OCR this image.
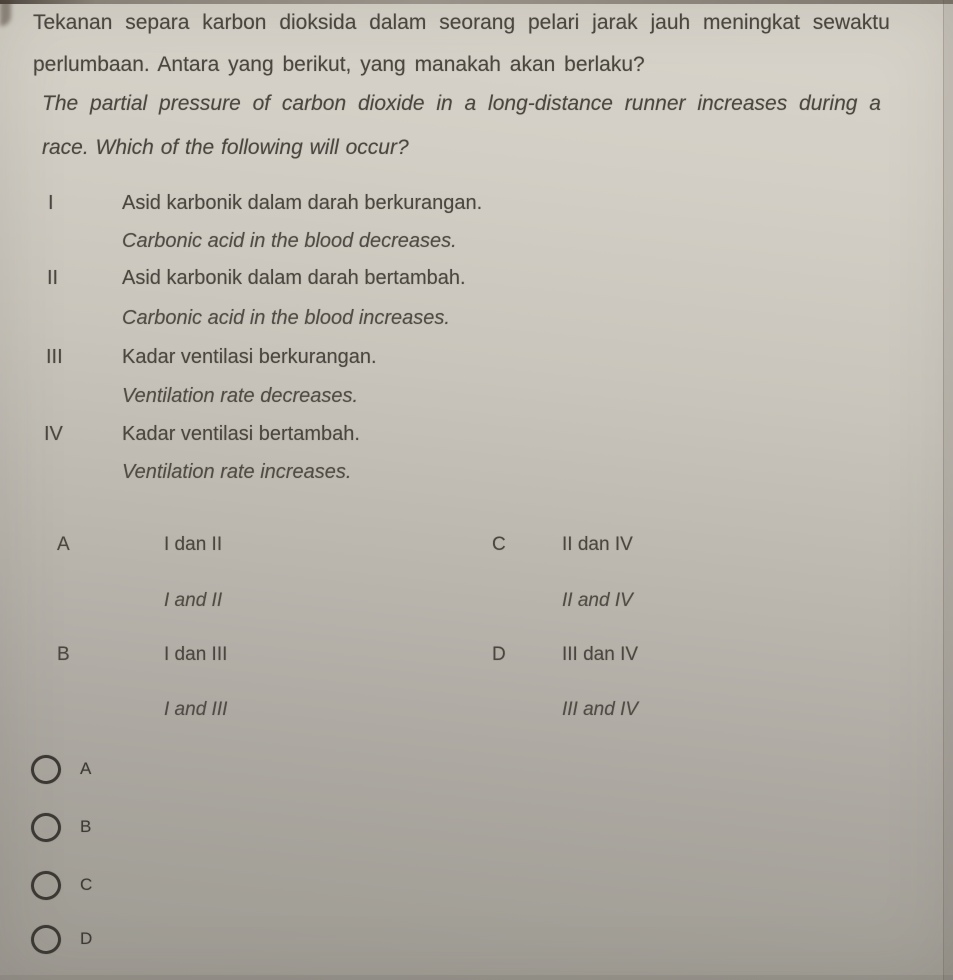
Tekanan separa karbon dioksida dalam seorang pelari jarak jauh meningkat sewaktu
perlumbaan. Antara yang berikut, yang manakah akan berlaku?
The partial pressure of carbon dioxide in a long-distance runner increases during a
race. Which of the following will occur?
I	Asid karbonik dalam darah berkurangan.
Carbonic acid in the blood decreases.
II	Asid karbonik dalam darah bertambah.
Carbonic acid in the blood increases.
III	Kadar ventilasi berkurangan.
Ventilation rate decreases.
IV	Kadar ventilasi bertambah.
Ventilation rate increases.
A	I dan II
I and II
C	II dan IV
II and IV
B	I dan III
I and III
D	III dan IV
III and IV
A
B
C
D
